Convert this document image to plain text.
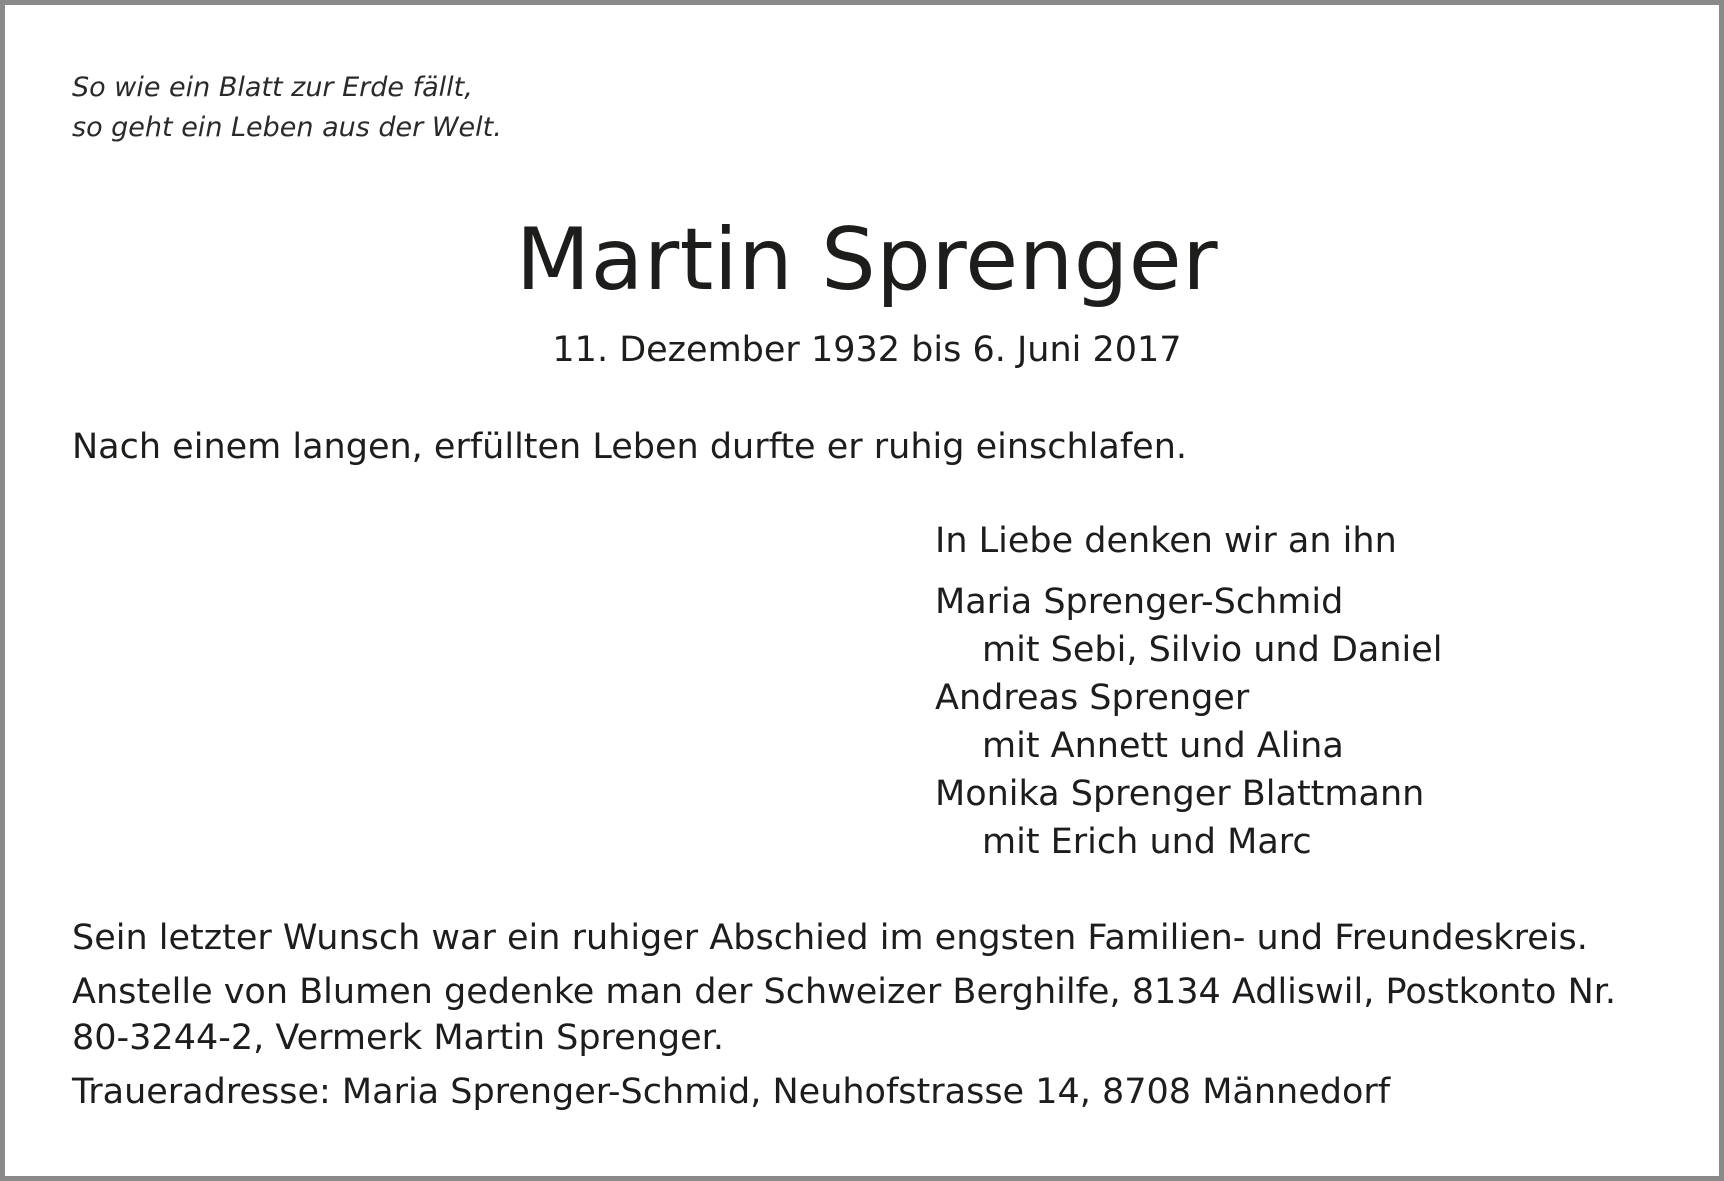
So wie ein Blatt zur Erde fällt,
so geht ein Leben aus der Welt.
Martin Sprenger
11. Dezember 1932 bis 6. Juni 2017
Nach einem langen, erfüllten Leben durfte er ruhig einschlafen.
In Liebe denken wir an ihn
Maria Sprenger-Schmid
mit Sebi, Silvio und Daniel
Andreas Sprenger
mit Annett und Alina
Monika Sprenger Blattmann
mit Erich und Marc

Sein letzter Wunsch war ein ruhiger Abschied im engsten Familien- und Freundeskreis.

Anstelle von Blumen gedenke man der Schweizer Berghilfe, 8134 Adliswil, Postkonto Nr.
80-3244-2, Vermerk Martin Sprenger.

Traueradresse: Maria Sprenger-Schmid, Neuhofstrasse 14, 8708 Männedorf
